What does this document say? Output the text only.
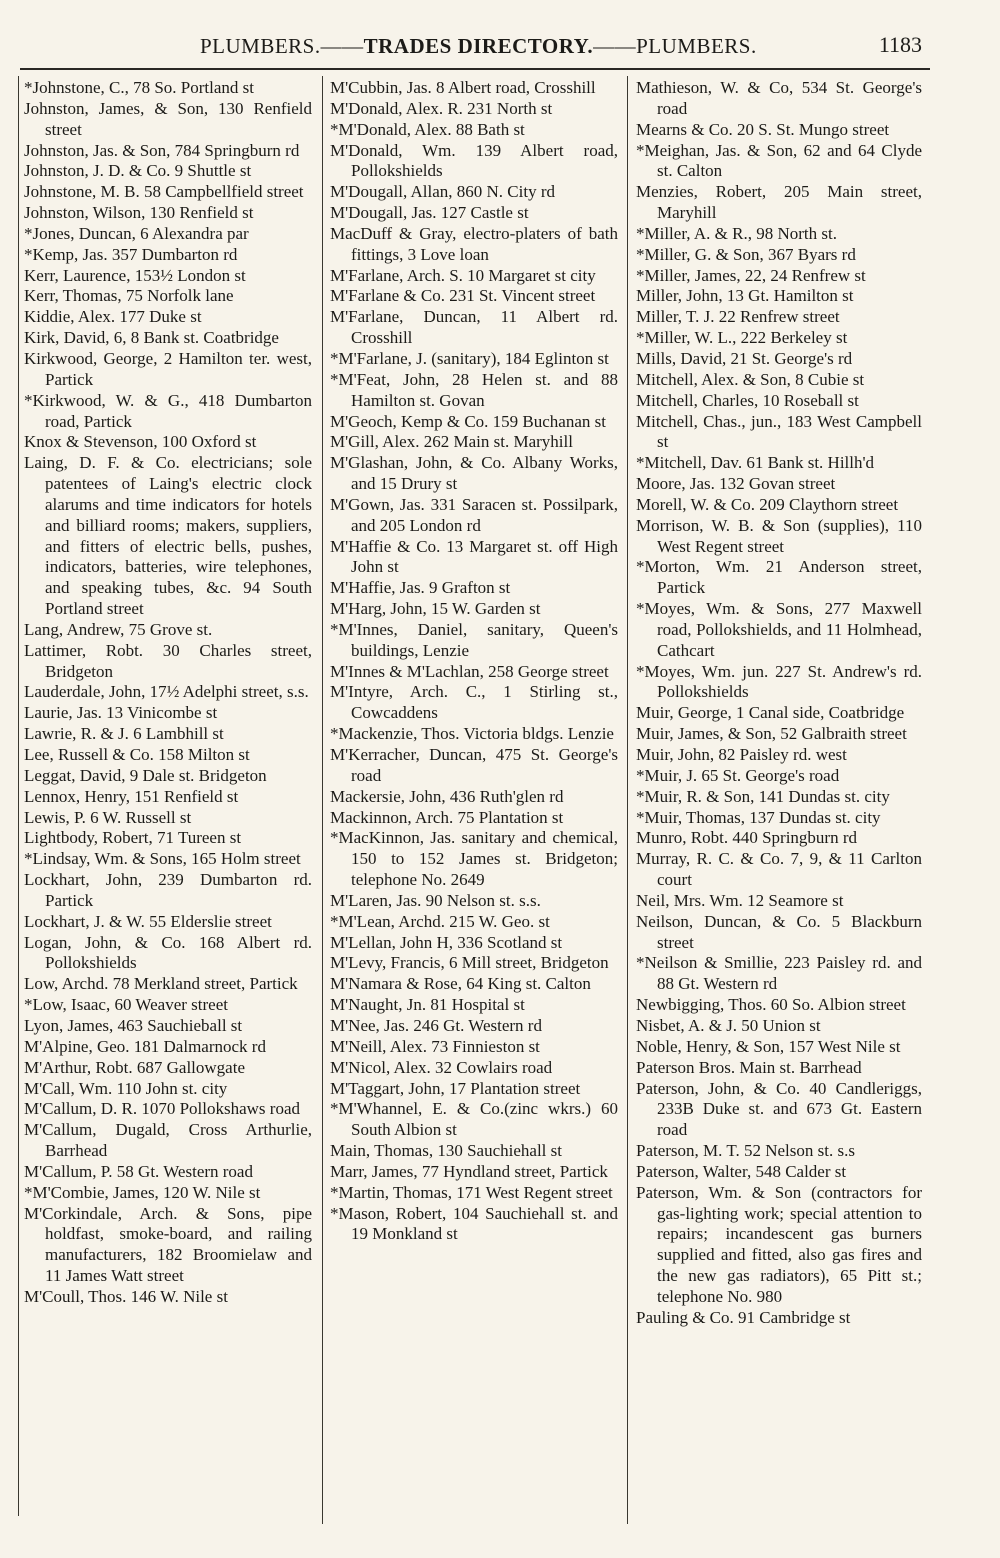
PLUMBERS.——TRADES DIRECTORY.——PLUMBERS.	1183
*Johnstone, C., 78 So. Portland st
Johnston, James, & Son, 130 Renfield street
Johnston, Jas. & Son, 784 Springburn rd
Johnston, J. D. & Co. 9 Shuttle st
Johnstone, M. B. 58 Campbellfield street
Johnston, Wilson, 130 Renfield st
*Jones, Duncan, 6 Alexandra par
*Kemp, Jas. 357 Dumbarton rd
Kerr, Laurence, 153½ London st
Kerr, Thomas, 75 Norfolk lane
Kiddie, Alex. 177 Duke st
Kirk, David, 6, 8 Bank st. Coatbridge
Kirkwood, George, 2 Hamilton ter. west, Partick
*Kirkwood, W. & G., 418 Dumbarton road, Partick
Knox & Stevenson, 100 Oxford st
Laing, D. F. & Co. electricians; sole patentees of Laing's electric clock alarums and time indicators for hotels and billiard rooms; makers, suppliers, and fitters of electric bells, pushes, indicators, batteries, wire telephones, and speaking tubes, &c. 94 South Portland street
Lang, Andrew, 75 Grove st.
Lattimer, Robt. 30 Charles street, Bridgeton
Lauderdale, John, 17½ Adelphi street, s.s.
Laurie, Jas. 13 Vinicombe st
Lawrie, R. & J. 6 Lambhill st
Lee, Russell & Co. 158 Milton st
Leggat, David, 9 Dale st. Bridgeton
Lennox, Henry, 151 Renfield st
Lewis, P. 6 W. Russell st
Lightbody, Robert, 71 Tureen st
*Lindsay, Wm. & Sons, 165 Holm street
Lockhart, John, 239 Dumbarton rd. Partick
Lockhart, J. & W. 55 Elderslie street
Logan, John, & Co. 168 Albert rd. Pollokshields
Low, Archd. 78 Merkland street, Partick
*Low, Isaac, 60 Weaver street
Lyon, James, 463 Sauchieball st
M'Alpine, Geo. 181 Dalmarnock rd
M'Arthur, Robt. 687 Gallowgate
M'Call, Wm. 110 John st. city
M'Callum, D. R. 1070 Pollokshaws road
M'Callum, Dugald, Cross Arthurlie, Barrhead
M'Callum, P. 58 Gt. Western road
*M'Combie, James, 120 W. Nile st
M'Corkindale, Arch. & Sons, pipe holdfast, smoke-board, and railing manufacturers, 182 Broomielaw and 11 James Watt street
M'Coull, Thos. 146 W. Nile st
M'Cubbin, Jas. 8 Albert road, Crosshill
M'Donald, Alex. R. 231 North st
*M'Donald, Alex. 88 Bath st
M'Donald, Wm. 139 Albert road, Pollokshields
M'Dougall, Allan, 860 N. City rd
M'Dougall, Jas. 127 Castle st
MacDuff & Gray, electro-platers of bath fittings, 3 Love loan
M'Farlane, Arch. S. 10 Margaret st city
M'Farlane & Co. 231 St. Vincent street
M'Farlane, Duncan, 11 Albert rd. Crosshill
*M'Farlane, J. (sanitary), 184 Eglinton st
*M'Feat, John, 28 Helen st. and 88 Hamilton st. Govan
M'Geoch, Kemp & Co. 159 Buchanan st
M'Gill, Alex. 262 Main st. Maryhill
M'Glashan, John, & Co. Albany Works, and 15 Drury st
M'Gown, Jas. 331 Saracen st. Possilpark, and 205 London rd
M'Haffie & Co. 13 Margaret st. off High John st
M'Haffie, Jas. 9 Grafton st
M'Harg, John, 15 W. Garden st
*M'Innes, Daniel, sanitary, Queen's buildings, Lenzie
M'Innes & M'Lachlan, 258 George street
M'Intyre, Arch. C., 1 Stirling st., Cowcaddens
*Mackenzie, Thos. Victoria bldgs. Lenzie
M'Kerracher, Duncan, 475 St. George's road
Mackersie, John, 436 Ruth'glen rd
Mackinnon, Arch. 75 Plantation st
*MacKinnon, Jas. sanitary and chemical, 150 to 152 James st. Bridgeton; telephone No. 2649
M'Laren, Jas. 90 Nelson st. s.s.
*M'Lean, Archd. 215 W. Geo. st
M'Lellan, John H, 336 Scotland st
M'Levy, Francis, 6 Mill street, Bridgeton
M'Namara & Rose, 64 King st. Calton
M'Naught, Jn. 81 Hospital st
M'Nee, Jas. 246 Gt. Western rd
M'Neill, Alex. 73 Finnieston st
M'Nicol, Alex. 32 Cowlairs road
M'Taggart, John, 17 Plantation street
*M'Whannel, E. & Co.(zinc wkrs.) 60 South Albion st
Main, Thomas, 130 Sauchiehall st
Marr, James, 77 Hyndland street, Partick
*Martin, Thomas, 171 West Regent street
*Mason, Robert, 104 Sauchiehall st. and 19 Monkland st
Mathieson, W. & Co, 534 St. George's road
Mearns & Co. 20 S. St. Mungo street
*Meighan, Jas. & Son, 62 and 64 Clyde st. Calton
Menzies, Robert, 205 Main street, Maryhill
*Miller, A. & R., 98 North st.
*Miller, G. & Son, 367 Byars rd
*Miller, James, 22, 24 Renfrew st
Miller, John, 13 Gt. Hamilton st
Miller, T. J. 22 Renfrew street
*Miller, W. L., 222 Berkeley st
Mills, David, 21 St. George's rd
Mitchell, Alex. & Son, 8 Cubie st
Mitchell, Charles, 10 Roseball st
Mitchell, Chas., jun., 183 West Campbell st
*Mitchell, Dav. 61 Bank st. Hillh'd
Moore, Jas. 132 Govan street
Morell, W. & Co. 209 Claythorn street
Morrison, W. B. & Son (supplies), 110 West Regent street
*Morton, Wm. 21 Anderson street, Partick
*Moyes, Wm. & Sons, 277 Maxwell road, Pollokshields, and 11 Holmhead, Cathcart
*Moyes, Wm. jun. 227 St. Andrew's rd. Pollokshields
Muir, George, 1 Canal side, Coatbridge
Muir, James, & Son, 52 Galbraith street
Muir, John, 82 Paisley rd. west
*Muir, J. 65 St. George's road
*Muir, R. & Son, 141 Dundas st. city
*Muir, Thomas, 137 Dundas st. city
Munro, Robt. 440 Springburn rd
Murray, R. C. & Co. 7, 9, & 11 Carlton court
Neil, Mrs. Wm. 12 Seamore st
Neilson, Duncan, & Co. 5 Blackburn street
*Neilson & Smillie, 223 Paisley rd. and 88 Gt. Western rd
Newbigging, Thos. 60 So. Albion street
Nisbet, A. & J. 50 Union st
Noble, Henry, & Son, 157 West Nile st
Paterson Bros. Main st. Barrhead
Paterson, John, & Co. 40 Candleriggs, 233B Duke st. and 673 Gt. Eastern road
Paterson, M. T. 52 Nelson st. s.s
Paterson, Walter, 548 Calder st
Paterson, Wm. & Son (contractors for gas-lighting work; special attention to repairs; incandescent gas burners supplied and fitted, also gas fires and the new gas radiators), 65 Pitt st.; telephone No. 980
Pauling & Co. 91 Cambridge st
